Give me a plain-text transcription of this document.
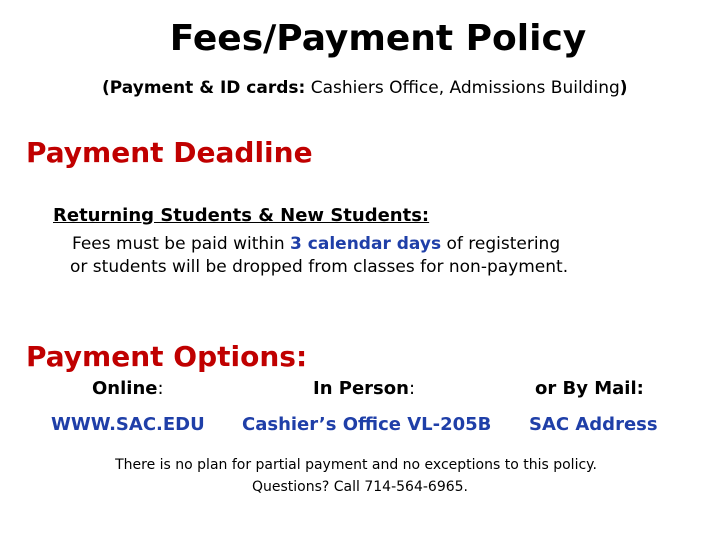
Fees/Payment Policy
(Payment & ID cards: Cashiers Office, Admissions Building)
Payment Deadline
Returning Students & New Students:
Fees must be paid within 3 calendar days of registering
or students will be dropped from classes for non-payment.
Payment Options:
Online:	In Person:	or By Mail:
WWW.SAC.EDU Cashier’s Office VL-205B SAC Address
There is no plan for partial payment and no exceptions to this policy.
Questions? Call 714-564-6965.
